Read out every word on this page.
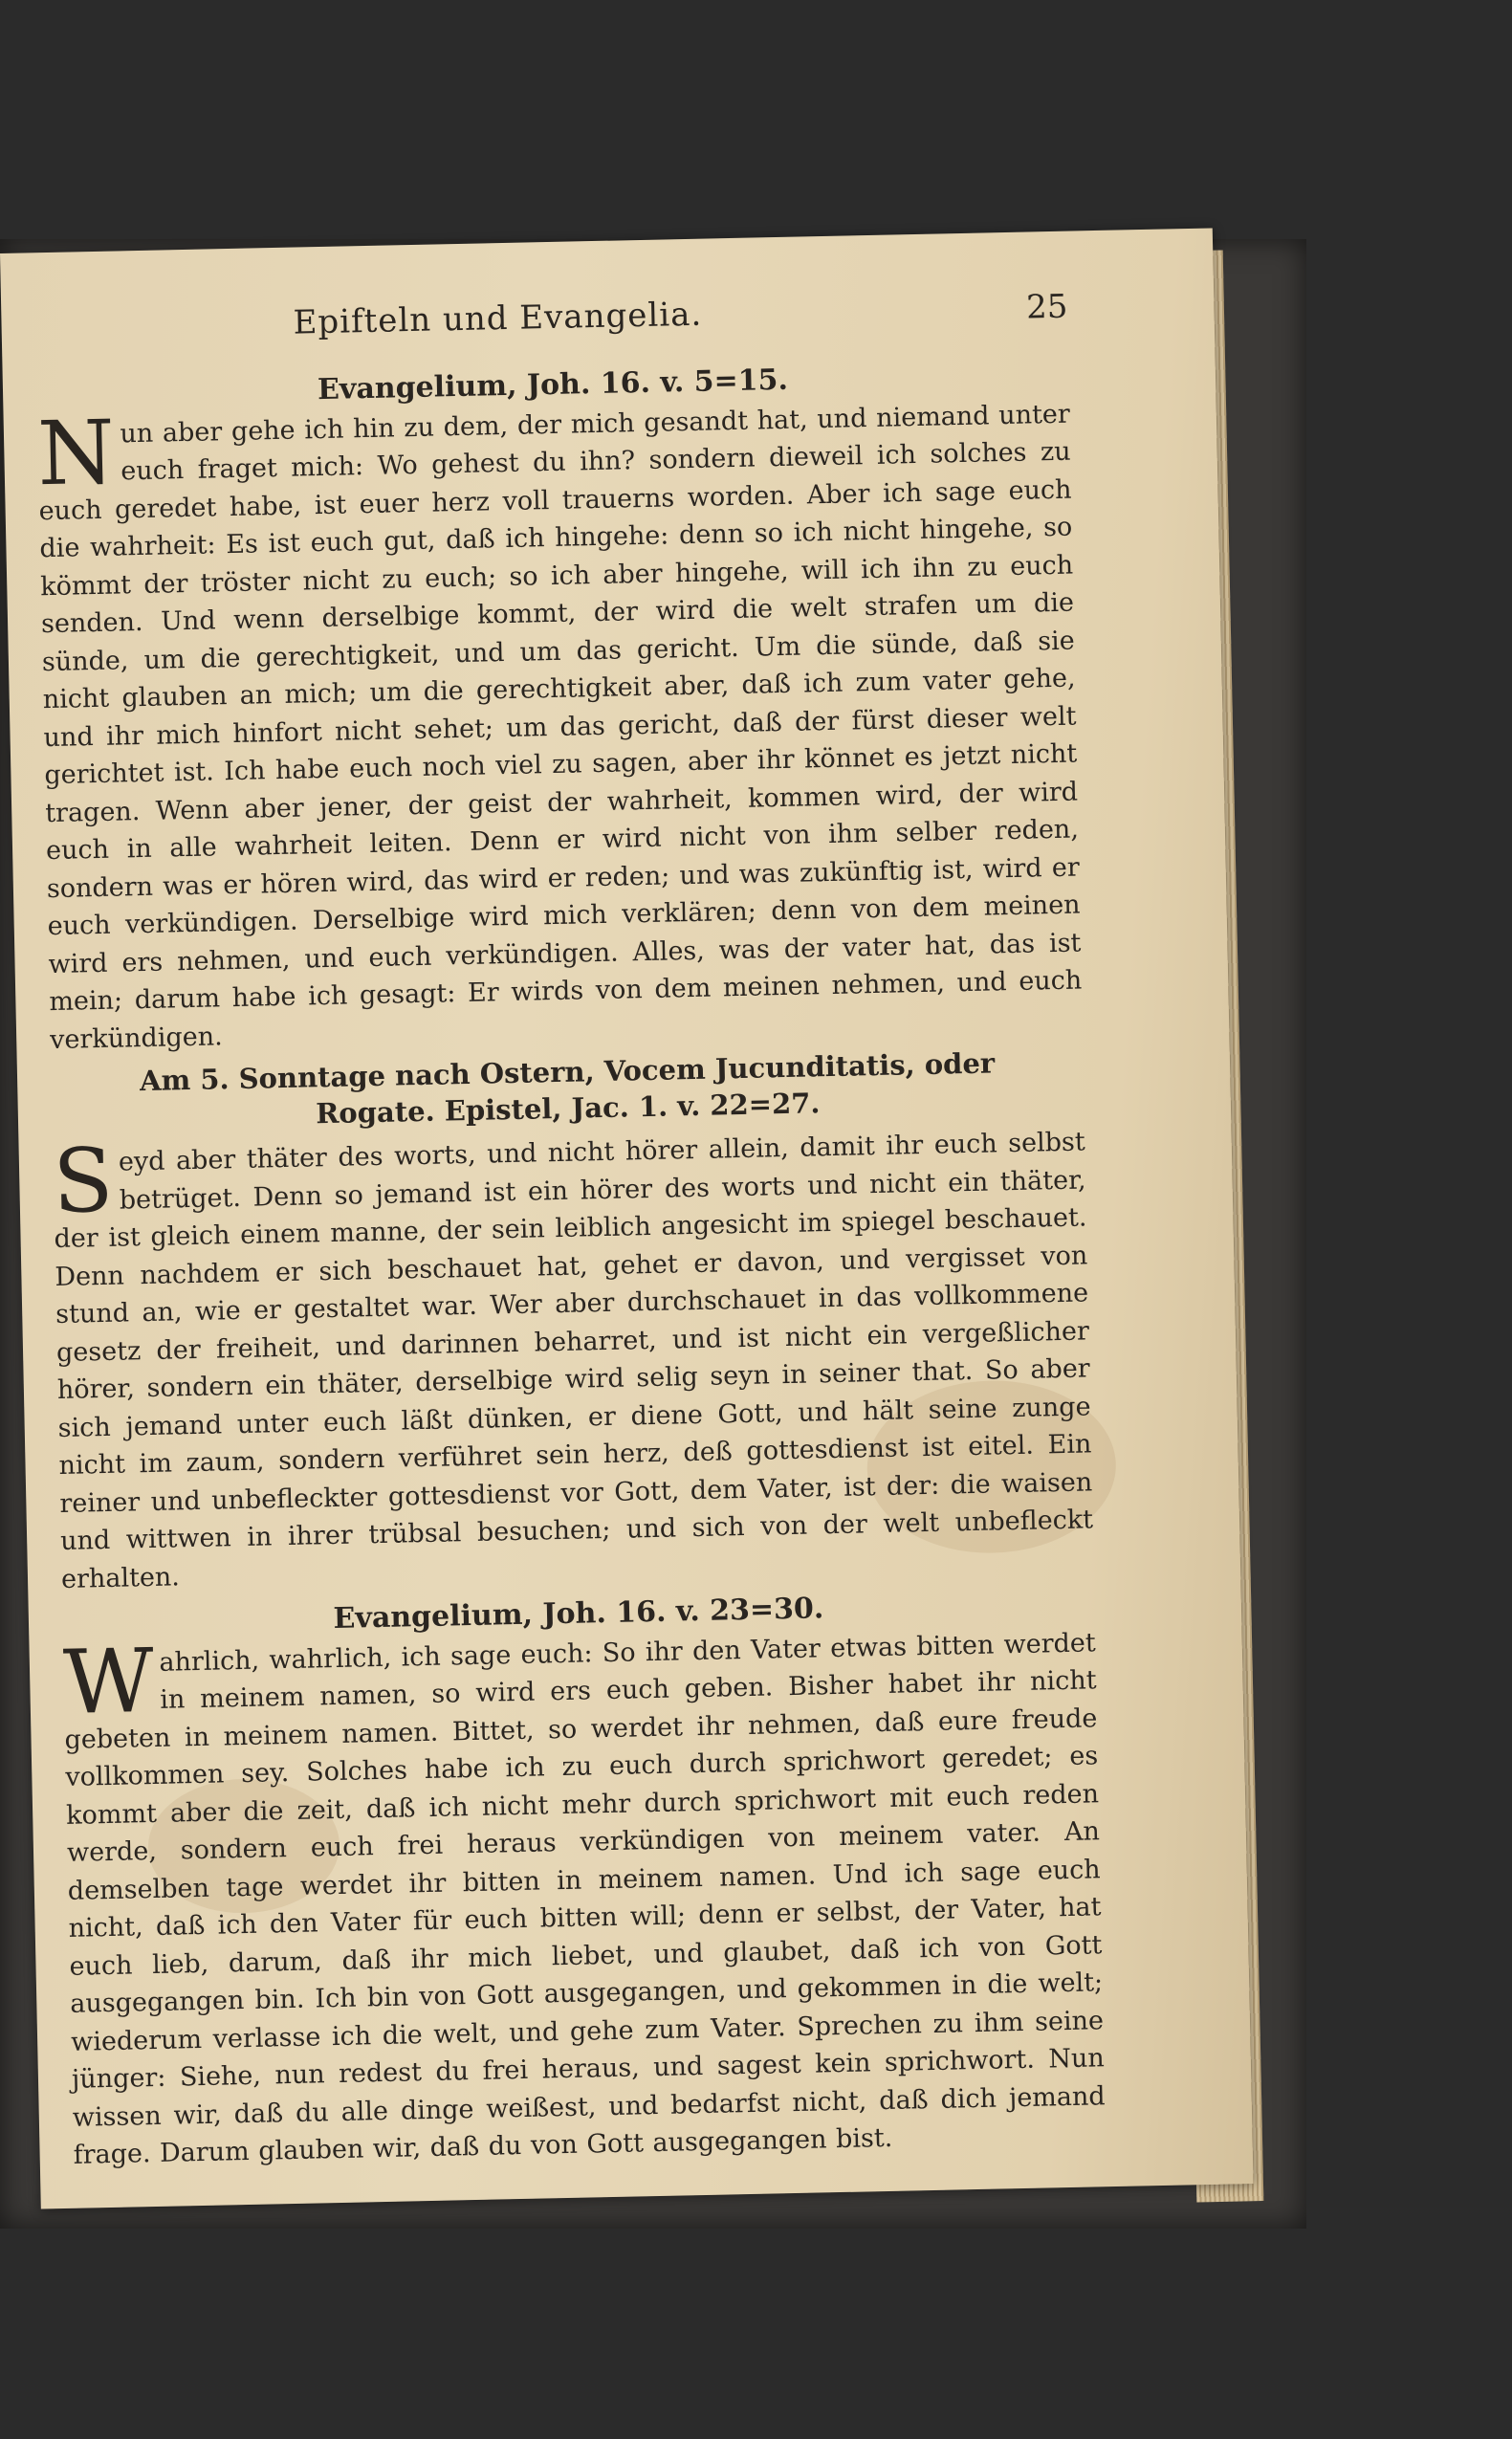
Epifteln und Evangelia.	25
Evangelium, Joh. 16. v. 5=15.
N un aber gehe ich hin zu dem, der mich gesandt hat, und niemand unter euch fraget mich: Wo gehest du ihn? sondern dieweil ich solches zu euch geredet habe, ist euer herz voll trauerns worden. Aber ich sage euch die wahrheit: Es ist euch gut, daß ich hingehe: denn so ich nicht hingehe, so kömmt der tröster nicht zu euch; so ich aber hingehe, will ich ihn zu euch senden. Und wenn derselbige kommt, der wird die welt strafen um die sünde, um die gerechtigkeit, und um das gericht. Um die sünde, daß sie nicht glauben an mich; um die gerechtigkeit aber, daß ich zum vater gehe, und ihr mich hinfort nicht sehet; um das gericht, daß der fürst dieser welt gerichtet ist. Ich habe euch noch viel zu sagen, aber ihr könnet es jetzt nicht tragen. Wenn aber jener, der geist der wahrheit, kommen wird, der wird euch in alle wahrheit leiten. Denn er wird nicht von ihm selber reden, sondern was er hören wird, das wird er reden; und was zukünftig ist, wird er euch verkündigen. Derselbige wird mich verklären; denn von dem meinen wird ers nehmen, und euch verkündigen. Alles, was der vater hat, das ist mein; darum habe ich gesagt: Er wirds von dem meinen nehmen, und euch verkündigen.
Am 5. Sonntage nach Ostern, Vocem Jucunditatis, oder
Rogate. Epistel, Jac. 1. v. 22=27.
S eyd aber thäter des worts, und nicht hörer allein, damit ihr euch selbst betrüget. Denn so jemand ist ein hörer des worts und nicht ein thäter, der ist gleich einem manne, der sein leiblich angesicht im spiegel beschauet. Denn nachdem er sich beschauet hat, gehet er davon, und vergisset von stund an, wie er gestaltet war. Wer aber durchschauet in das vollkommene gesetz der freiheit, und darinnen beharret, und ist nicht ein vergeßlicher hörer, sondern ein thäter, derselbige wird selig seyn in seiner that. So aber sich jemand unter euch läßt dünken, er diene Gott, und hält seine zunge nicht im zaum, sondern verführet sein herz, deß gottesdienst ist eitel. Ein reiner und unbefleckter gottesdienst vor Gott, dem Vater, ist der: die waisen und wittwen in ihrer trübsal besuchen; und sich von der welt unbefleckt erhalten.
Evangelium, Joh. 16. v. 23=30.
W ahrlich, wahrlich, ich sage euch: So ihr den Vater etwas bitten werdet in meinem namen, so wird ers euch geben. Bisher habet ihr nicht gebeten in meinem namen. Bittet, so werdet ihr nehmen, daß eure freude vollkommen sey. Solches habe ich zu euch durch sprichwort geredet; es kommt aber die zeit, daß ich nicht mehr durch sprichwort mit euch reden werde, sondern euch frei heraus verkündigen von meinem vater. An demselben tage werdet ihr bitten in meinem namen. Und ich sage euch nicht, daß ich den Vater für euch bitten will; denn er selbst, der Vater, hat euch lieb, darum, daß ihr mich liebet, und glaubet, daß ich von Gott ausgegangen bin. Ich bin von Gott ausgegangen, und gekommen in die welt; wiederum verlasse ich die welt, und gehe zum Vater. Sprechen zu ihm seine jünger: Siehe, nun redest du frei heraus, und sagest kein sprichwort. Nun wissen wir, daß du alle dinge weißest, und bedarfst nicht, daß dich jemand frage. Darum glauben wir, daß du von Gott ausgegangen bist.
